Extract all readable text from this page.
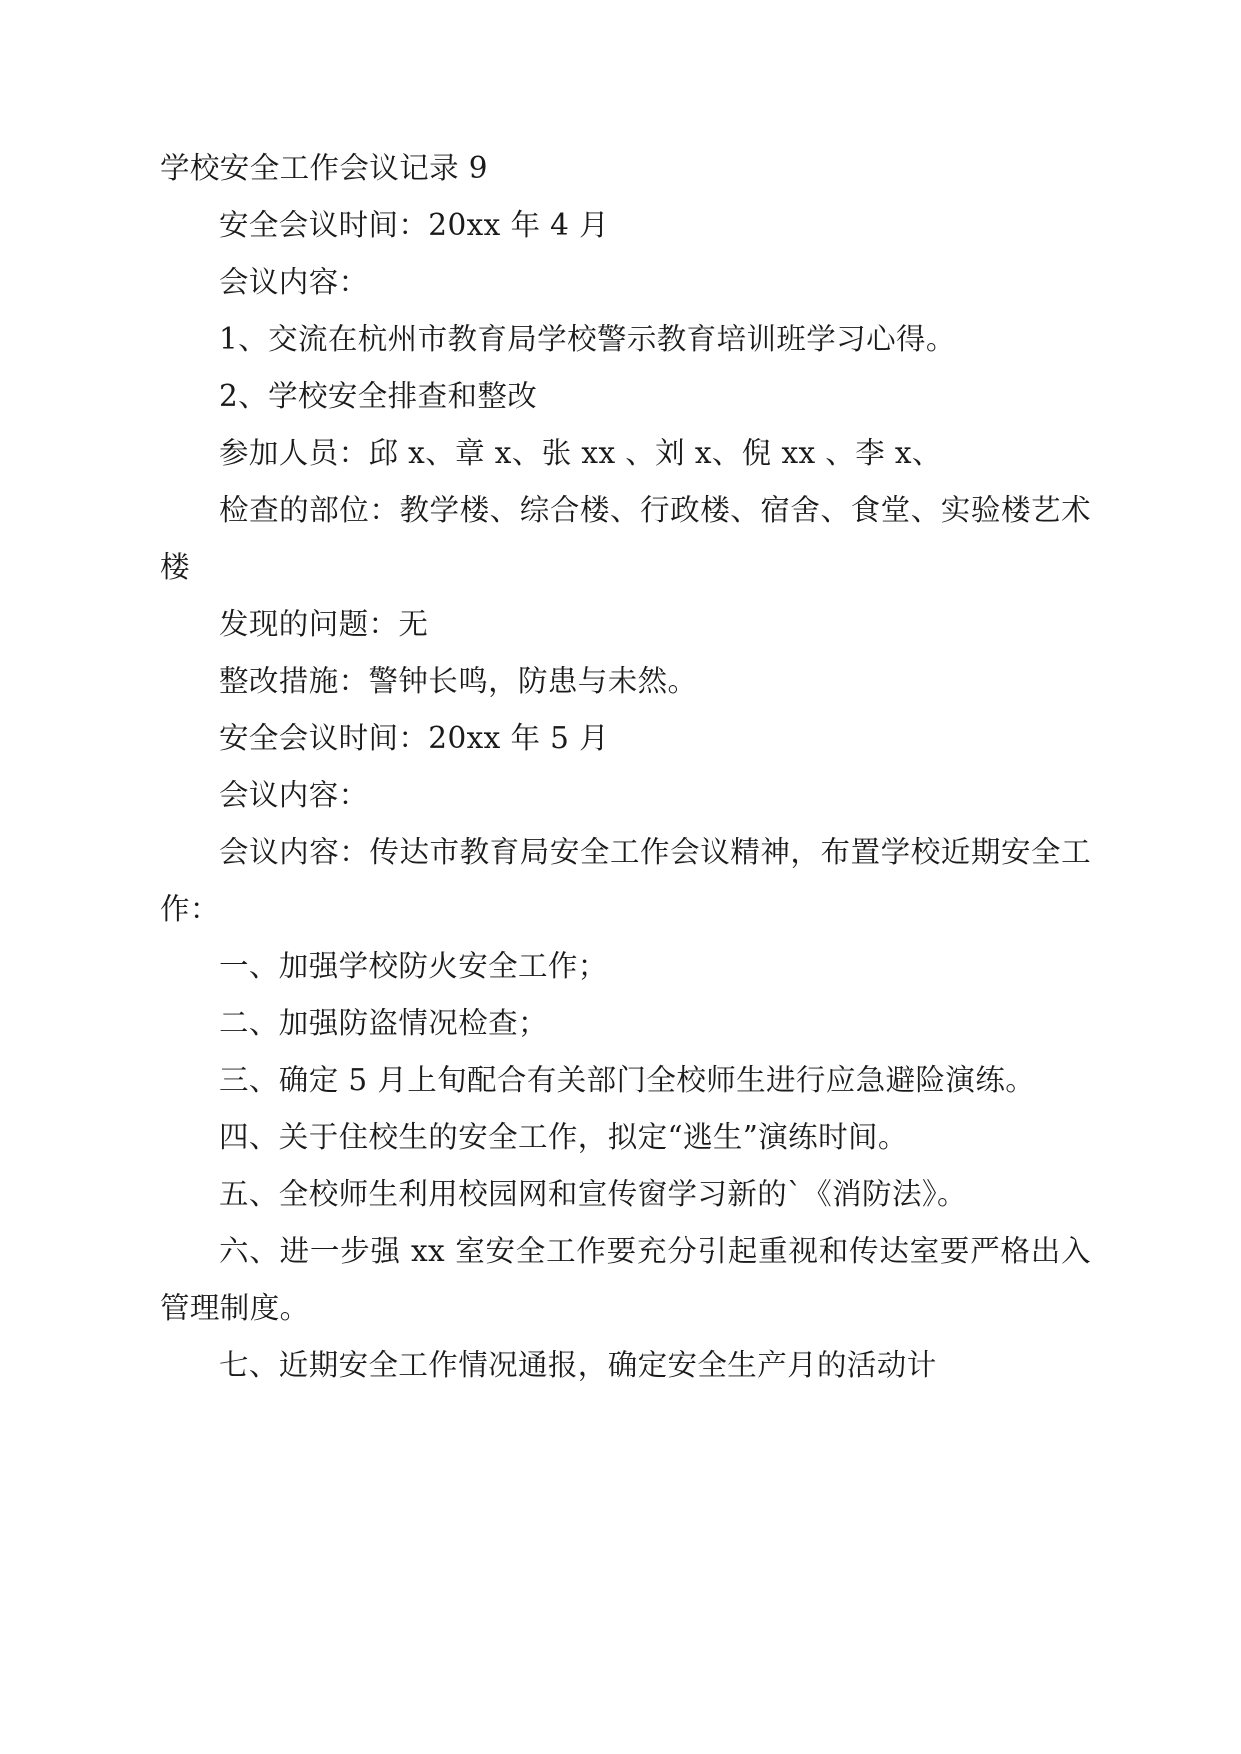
学校安全工作会议记录 9

安全会议时间：20xx 年 4 月

会议内容：

1、交流在杭州市教育局学校警示教育培训班学习心得。

2、学校安全排查和整改

参加人员：邱 x、章 x、张 xx 、刘 x、倪 xx 、李 x、

检查的部位：教学楼、综合楼、行政楼、宿舍、食堂、实验楼艺术楼

发现的问题：无

整改措施：警钟长鸣，防患与未然。

安全会议时间：20xx 年 5 月

会议内容：

会议内容：传达市教育局安全工作会议精神，布置学校近期安全工作：

一、加强学校防火安全工作；

二、加强防盗情况检查；

三、确定 5 月上旬配合有关部门全校师生进行应急避险演练。

四、关于住校生的安全工作，拟定“逃生”演练时间。

五、全校师生利用校园网和宣传窗学习新的`《消防法》。

六、进一步强 xx 室安全工作要充分引起重视和传达室要严格出入管理制度。

七、近期安全工作情况通报，确定安全生产月的活动计
